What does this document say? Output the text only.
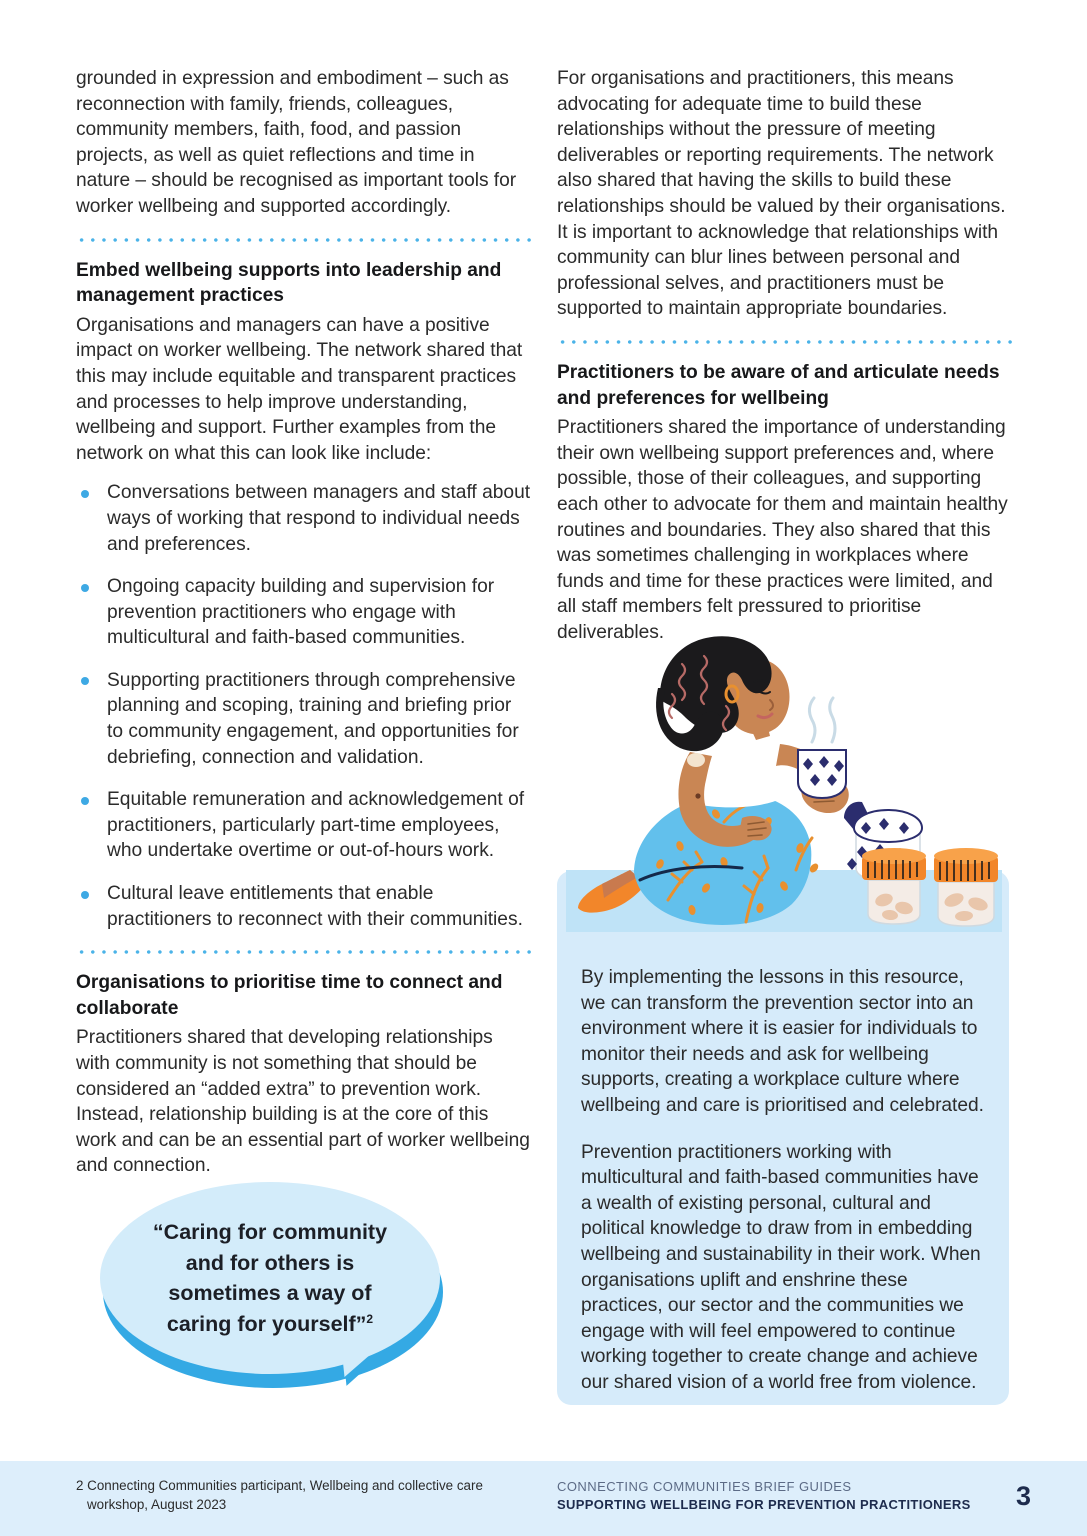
grounded in expression and embodiment – such as reconnection with family, friends, colleagues, community members, faith, food, and passion projects, as well as quiet reflections and time in nature – should be recognised as important tools for worker wellbeing and supported accordingly.

Embed wellbeing supports into leadership and management practices

Organisations and managers can have a positive impact on worker wellbeing. The network shared that this may include equitable and transparent practices and processes to help improve understanding, wellbeing and support. Further examples from the network on what this can look like include:

Conversations between managers and staff about ways of working that respond to individual needs and preferences.
Ongoing capacity building and supervision for prevention practitioners who engage with multicultural and faith-based communities.
Supporting practitioners through comprehensive planning and scoping, training and briefing prior to community engagement, and opportunities for debriefing, connection and validation.
Equitable remuneration and acknowledgement of practitioners, particularly part-time employees, who undertake overtime or out-of-hours work.
Cultural leave entitlements that enable practitioners to reconnect with their communities.
Organisations to prioritise time to connect and collaborate

Practitioners shared that developing relationships with community is not something that should be considered an “added extra” to prevention work. Instead, relationship building is at the core of this work and can be an essential part of worker wellbeing and connection.

“Caring for community and for others is sometimes a way of caring for yourself”$^2$

For organisations and practitioners, this means advocating for adequate time to build these relationships without the pressure of meeting deliverables or reporting requirements. The network also shared that having the skills to build these relationships should be valued by their organisations. It is important to acknowledge that relationships with community can blur lines between personal and professional selves, and practitioners must be supported to maintain appropriate boundaries.

Practitioners to be aware of and articulate needs and preferences for wellbeing

Practitioners shared the importance of understanding their own wellbeing support preferences and, where possible, those of their colleagues, and supporting each other to advocate for them and maintain healthy routines and boundaries. They also shared that this was sometimes challenging in workplaces where funds and time for these practices were limited, and all staff members felt pressured to prioritise deliverables.

By implementing the lessons in this resource, we can transform the prevention sector into an environment where it is easier for individuals to monitor their needs and ask for wellbeing supports, creating a workplace culture where wellbeing and care is prioritised and celebrated.

Prevention practitioners working with multicultural and faith-based communities have a wealth of existing personal, cultural and political knowledge to draw from in embedding wellbeing and sustainability in their work. When organisations uplift and enshrine these practices, our sector and the communities we engage with will feel empowered to continue working together to create change and achieve our shared vision of a world free from violence.

2 Connecting Communities participant, Wellbeing and collective care
workshop, August 2023
CONNECTING COMMUNITIES BRIEF GUIDES
SUPPORTING WELLBEING FOR PREVENTION PRACTITIONERS	3
